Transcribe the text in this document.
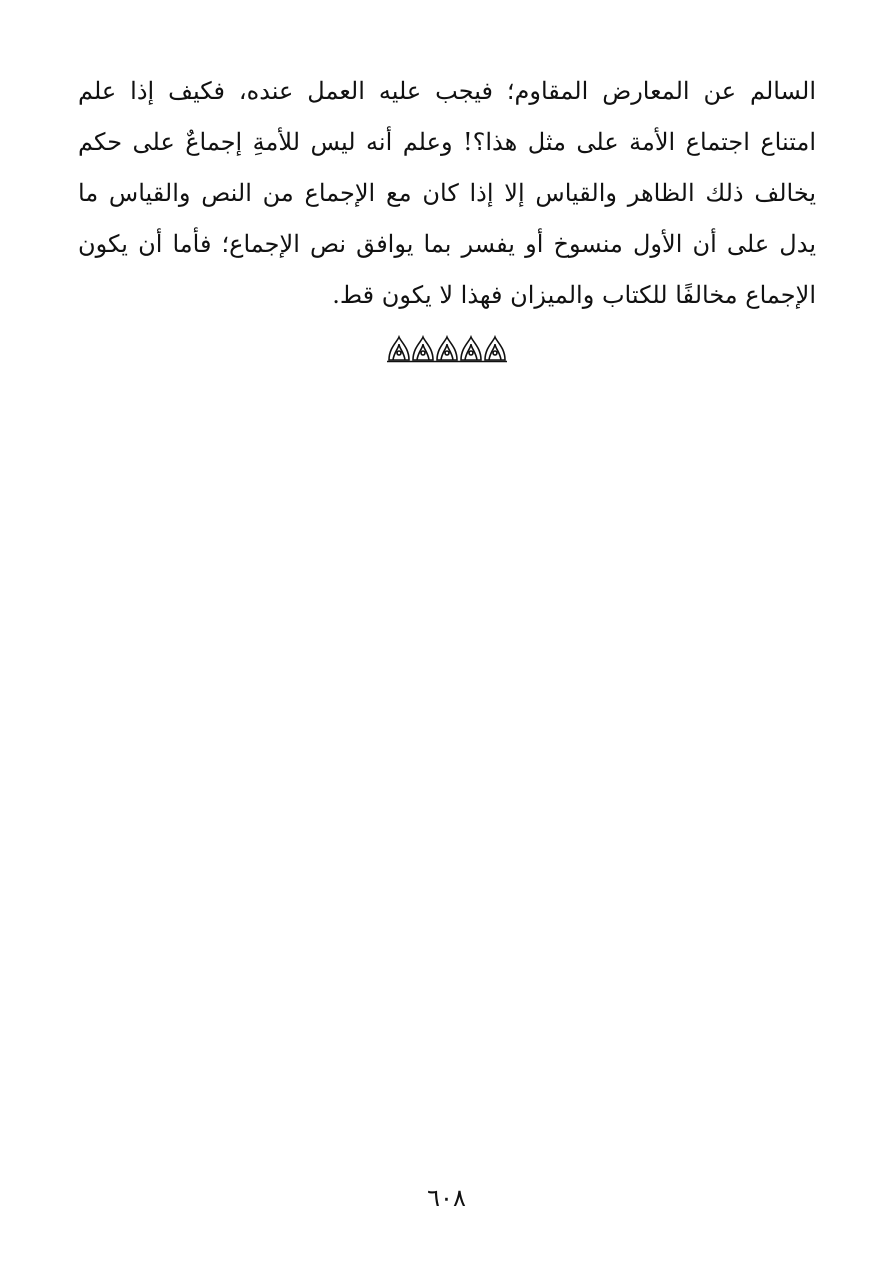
السالم عن المعارض المقاوم؛ فيجب عليه العمل عنده، فكيف إذا علم
امتناع اجتماع الأمة على مثل هذا؟! وعلم أنه ليس للأمةِ إجماعٌ على حكم
يخالف ذلك الظاهر والقياس إلا إذا كان مع الإجماع من النص والقياس ما
يدل على أن الأول منسوخ أو يفسر بما يوافق نص الإجماع؛ فأما أن يكون
الإجماع مخالفًا للكتاب والميزان فهذا لا يكون قط.
٦٠٨
